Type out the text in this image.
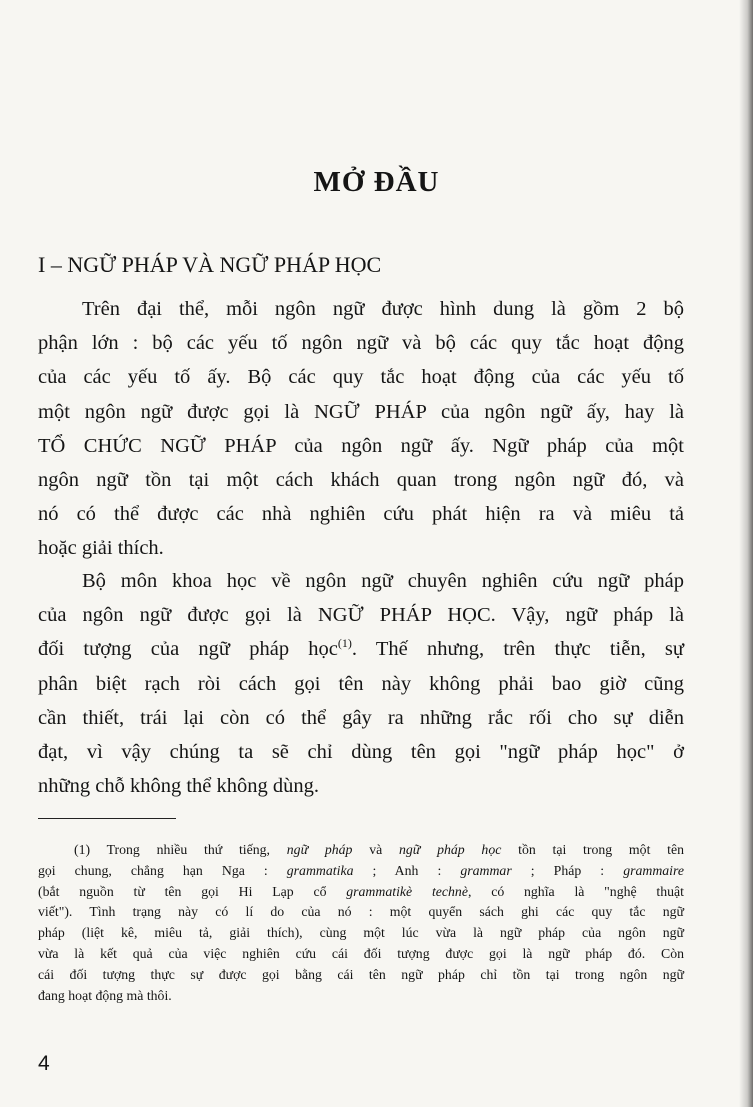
MỞ ĐẦU
I – NGỮ PHÁP VÀ NGỮ PHÁP HỌC
Trên đại thể, mỗi ngôn ngữ được hình dung là gồm 2 bộ
phận lớn : bộ các yếu tố ngôn ngữ và bộ các quy tắc hoạt động
của các yếu tố ấy. Bộ các quy tắc hoạt động của các yếu tố
một ngôn ngữ được gọi là NGỮ PHÁP của ngôn ngữ ấy, hay là
TỔ CHỨC NGỮ PHÁP của ngôn ngữ ấy. Ngữ pháp của một
ngôn ngữ tồn tại một cách khách quan trong ngôn ngữ đó, và
nó có thể được các nhà nghiên cứu phát hiện ra và miêu tả
hoặc giải thích.
Bộ môn khoa học về ngôn ngữ chuyên nghiên cứu ngữ pháp
của ngôn ngữ được gọi là NGỮ PHÁP HỌC. Vậy, ngữ pháp là
đối tượng của ngữ pháp học$^{(1)}$. Thế nhưng, trên thực tiễn, sự
phân biệt rạch ròi cách gọi tên này không phải bao giờ cũng
cần thiết, trái lại còn có thể gây ra những rắc rối cho sự diễn
đạt, vì vậy chúng ta sẽ chỉ dùng tên gọi "ngữ pháp học" ở
những chỗ không thể không dùng.
(1) Trong nhiều thứ tiếng, ngữ pháp và ngữ pháp học tồn tại trong một tên
gọi chung, chẳng hạn Nga : grammatika ; Anh : grammar ; Pháp : grammaire
(bắt nguồn từ tên gọi Hi Lạp cổ grammatikè technè, có nghĩa là "nghệ thuật
viết"). Tình trạng này có lí do của nó : một quyển sách ghi các quy tắc ngữ
pháp (liệt kê, miêu tả, giải thích), cùng một lúc vừa là ngữ pháp của ngôn ngữ
vừa là kết quả của việc nghiên cứu cái đối tượng được gọi là ngữ pháp đó. Còn
cái đối tượng thực sự được gọi bằng cái tên ngữ pháp chỉ tồn tại trong ngôn ngữ
đang hoạt động mà thôi.
4
